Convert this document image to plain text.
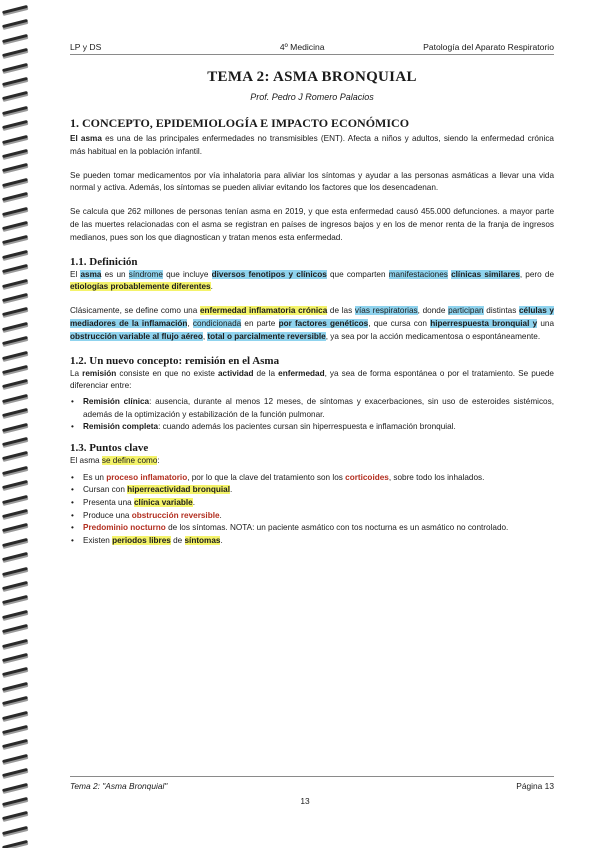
LP y DS	4º Medicina	Patología del Aparato Respiratorio
TEMA 2: ASMA BRONQUIAL
Prof. Pedro J Romero Palacios
1. CONCEPTO, EPIDEMIOLOGÍA E IMPACTO ECONÓMICO

El asma es una de las principales enfermedades no transmisibles (ENT). Afecta a niños y adultos, siendo la enfermedad crónica más habitual en la población infantil.

Se pueden tomar medicamentos por vía inhalatoria para aliviar los síntomas y ayudar a las personas asmáticas a llevar una vida normal y activa. Además, los síntomas se pueden aliviar evitando los factores que los desencadenan.

Se calcula que 262 millones de personas tenían asma en 2019, y que esta enfermedad causó 455.000 defunciones. a mayor parte de las muertes relacionadas con el asma se registran en países de ingresos bajos y en los de menor renta de la franja de ingresos medianos, pues son los que diagnostican y tratan menos esta enfermedad.

1.1. Definición

El asma es un síndrome que incluye diversos fenotipos y clínicos que comparten manifestaciones clínicas similares, pero de etiologías probablemente diferentes.

Clásicamente, se define como una enfermedad inflamatoria crónica de las vías respiratorias, donde participan distintas células y mediadores de la inflamación, condicionada en parte por factores genéticos, que cursa con hiperrespuesta bronquial y una obstrucción variable al flujo aéreo, total o parcialmente reversible, ya sea por la acción medicamentosa o espontáneamente.

1.2. Un nuevo concepto: remisión en el Asma

La remisión consiste en que no existe actividad de la enfermedad, ya sea de forma espontánea o por el tratamiento. Se puede diferenciar entre:

• Remisión clínica: ausencia, durante al menos 12 meses, de síntomas y exacerbaciones, sin uso de esteroides sistémicos, además de la optimización y estabilización de la función pulmonar.
• Remisión completa: cuando además los pacientes cursan sin hiperrespuesta e inflamación bronquial.
1.3. Puntos clave

El asma se define como:

• Es un proceso inflamatorio, por lo que la clave del tratamiento son los corticoides, sobre todo los inhalados.
• Cursan con hiperreactividad bronquial.
• Presenta una clínica variable.
• Produce una obstrucción reversible.
• Predominio nocturno de los síntomas. NOTA: un paciente asmático con tos nocturna es un asmático no controlado.
• Existen periodos libres de síntomas.
Tema 2: "Asma Bronquial"	Página 13
13
